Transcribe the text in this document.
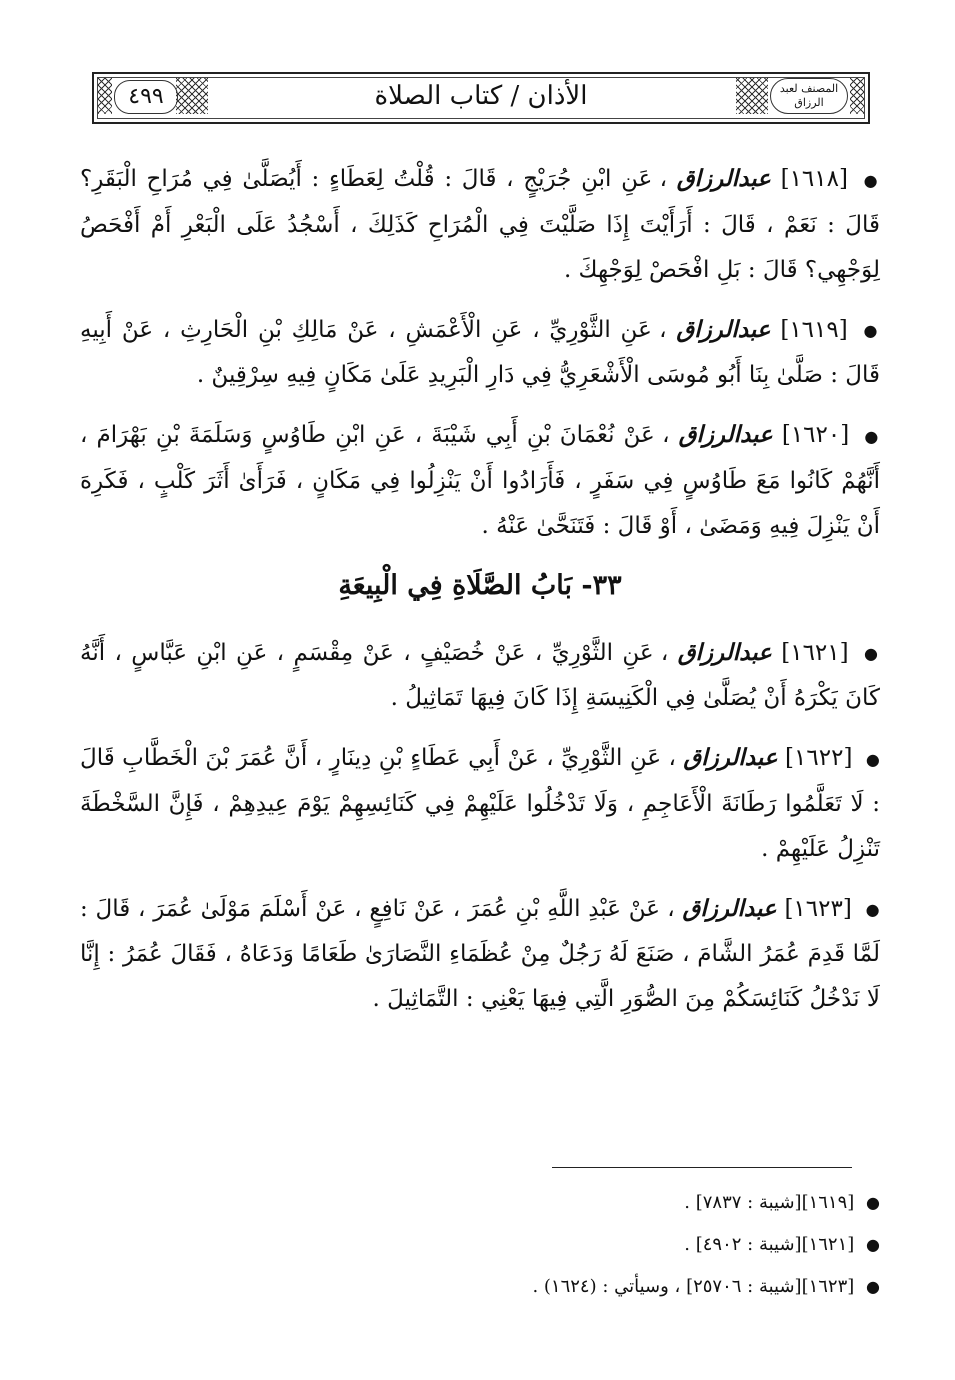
٤٩٩	الأذان / كتاب الصلاة	المصنف لعبد الرزاق

● [١٦١٨] عبدالرزاق ، عَنِ ابْنِ جُرَيْجٍ ، قَالَ : قُلْتُ لِعَطَاءٍ : أَيُصَلَّىٰ فِي مُرَاحِ الْبَقَرِ؟ قَالَ : نَعَمْ ، قَالَ : أَرَأَيْتَ إِذَا صَلَّيْتَ فِي الْمُرَاحِ كَذَلِكَ ، أَسْجُدُ عَلَى الْبَعْرِ أَمْ أَفْحَصُ لِوَجْهِي؟ قَالَ : بَلِ افْحَصْ لِوَجْهِكَ .

● [١٦١٩] عبدالرزاق ، عَنِ الثَّوْرِيِّ ، عَنِ الْأَعْمَشِ ، عَنْ مَالِكِ بْنِ الْحَارِثِ ، عَنْ أَبِيهِ قَالَ : صَلَّىٰ بِنَا أَبُو مُوسَى الْأَشْعَرِيُّ فِي دَارِ الْبَرِيدِ عَلَىٰ مَكَانٍ فِيهِ سِرْقِينٌ .

● [١٦٢٠] عبدالرزاق ، عَنْ نُعْمَانَ بْنِ أَبِي شَيْبَةَ ، عَنِ ابْنِ طَاوُسٍ وَسَلَمَةَ بْنِ بَهْرَامَ ، أَنَّهُمْ كَانُوا مَعَ طَاوُسٍ فِي سَفَرٍ ، فَأَرَادُوا أَنْ يَنْزِلُوا فِي مَكَانٍ ، فَرَأَىٰ أَثَرَ كَلْبٍ ، فَكَرِهَ أَنْ يَنْزِلَ فِيهِ وَمَضَىٰ ، أَوْ قَالَ : فَتَنَحَّىٰ عَنْهُ .

٣٣- بَابُ الصَّلَاةِ فِي الْبِيعَةِ

● [١٦٢١] عبدالرزاق ، عَنِ الثَّوْرِيِّ ، عَنْ خُصَيْفٍ ، عَنْ مِقْسَمٍ ، عَنِ ابْنِ عَبَّاسٍ ، أَنَّهُ كَانَ يَكْرَهُ أَنْ يُصَلَّىٰ فِي الْكَنِيسَةِ إِذَا كَانَ فِيهَا تَمَاثِيلُ .

● [١٦٢٢] عبدالرزاق ، عَنِ الثَّوْرِيِّ ، عَنْ أَبِي عَطَاءٍ بْنِ دِينَارٍ ، أَنَّ عُمَرَ بْنَ الْخَطَّابِ قَالَ : لَا تَعَلَّمُوا رَطَانَةَ الْأَعَاجِمِ ، وَلَا تَدْخُلُوا عَلَيْهِمْ فِي كَنَائِسِهِمْ يَوْمَ عِيدِهِمْ ، فَإِنَّ السَّخْطَةَ تَنْزِلُ عَلَيْهِمْ .

● [١٦٢٣] عبدالرزاق ، عَنْ عَبْدِ اللَّهِ بْنِ عُمَرَ ، عَنْ نَافِعٍ ، عَنْ أَسْلَمَ مَوْلَىٰ عُمَرَ ، قَالَ : لَمَّا قَدِمَ عُمَرُ الشَّامَ ، صَنَعَ لَهُ رَجُلٌ مِنْ عُظَمَاءِ النَّصَارَىٰ طَعَامًا وَدَعَاهُ ، فَقَالَ عُمَرُ : إِنَّا لَا نَدْخُلُ كَنَائِسَكُمْ مِنَ الصُّوَرِ الَّتِي فِيهَا يَعْنِي : التَّمَاثِيلَ .

● [١٦١٩][شيبة : ٧٨٣٧] .

● [١٦٢١][شيبة : ٤٩٠٢] .

● [١٦٢٣][شيبة : ٢٥٧٠٦] ، وسيأتي : (١٦٢٤) .
